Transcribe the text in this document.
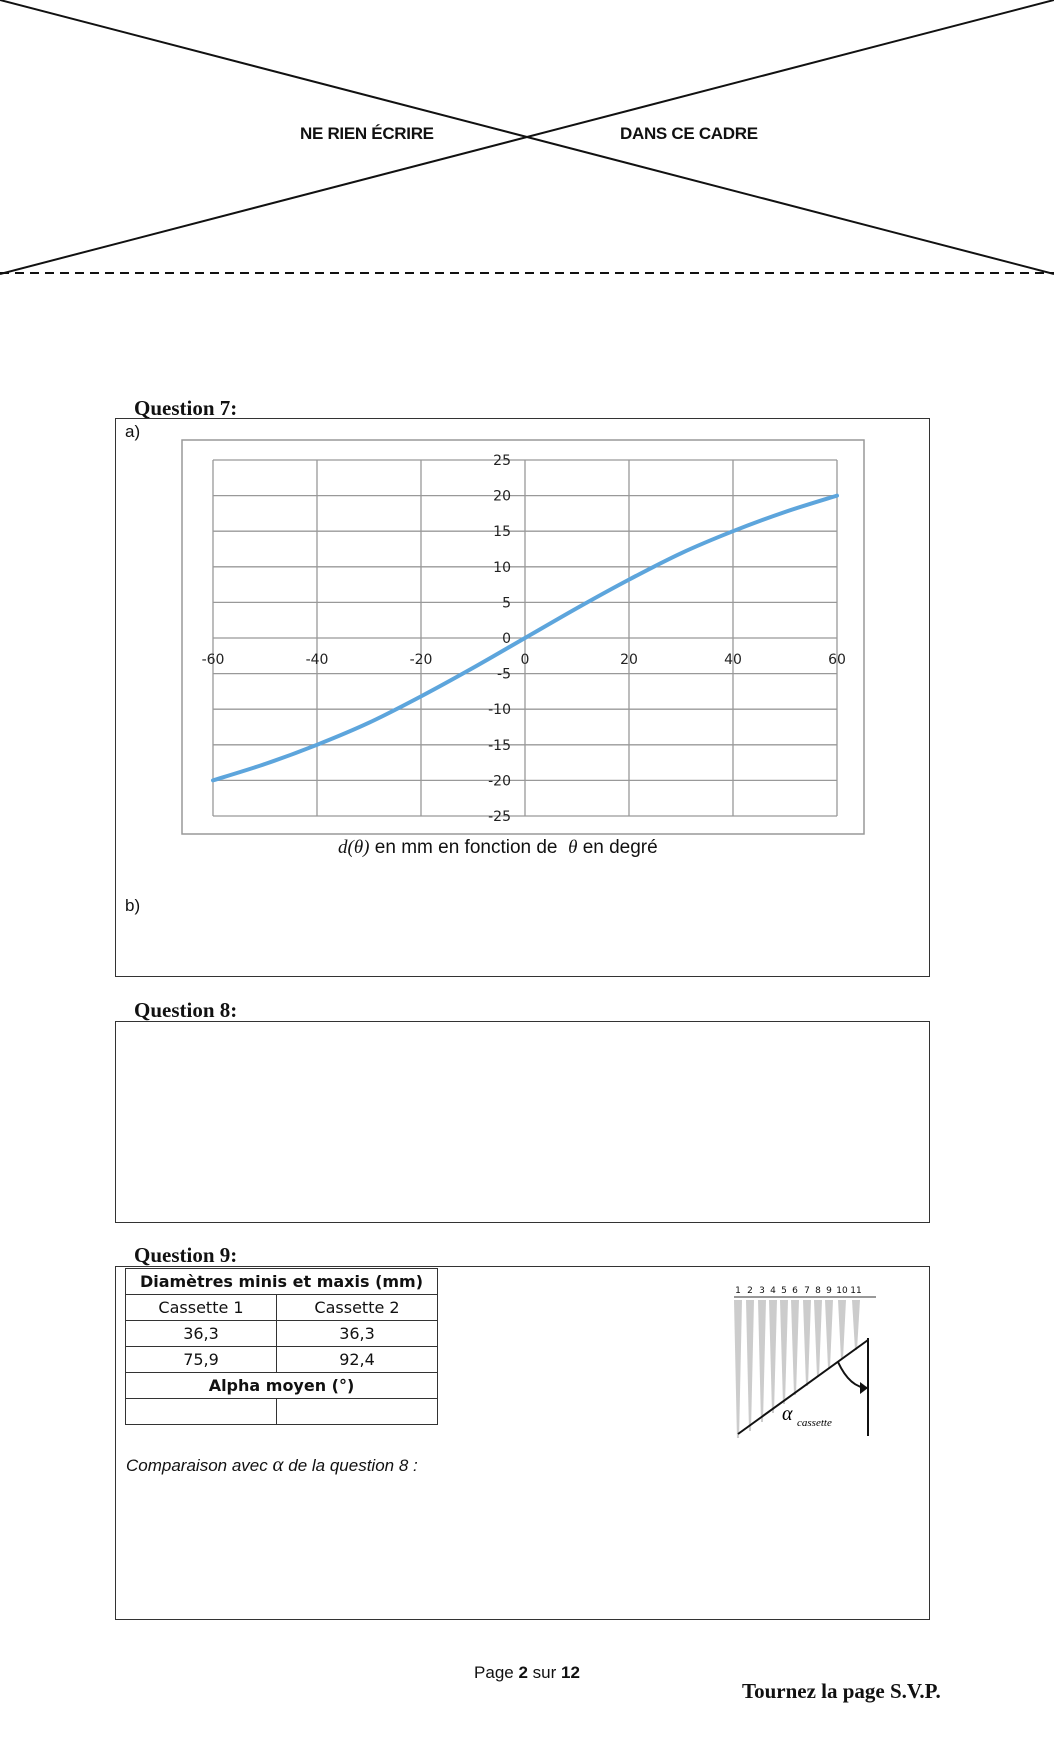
NE RIEN ÉCRIRE	DANS CE CADRE
Question 7:
a)
b)
-60	-40	-20	0	20	40	60
25
20
15
10
5
0
-5
-10
-15
-20
-25
d(θ) en mm en fonction de θ en degré
Question 8:
Question 9:
Diamètres minis et maxis (mm)	
Cassette 1	Cassette 2
36,3	36,3
75,9	92,4
Alpha moyen (°)	

Comparaison avec α de la question 8 :
1 2 3 4 5 6 7 8 9 10 11
α cassette
Page 2 sur 12
Tournez la page S.V.P.
